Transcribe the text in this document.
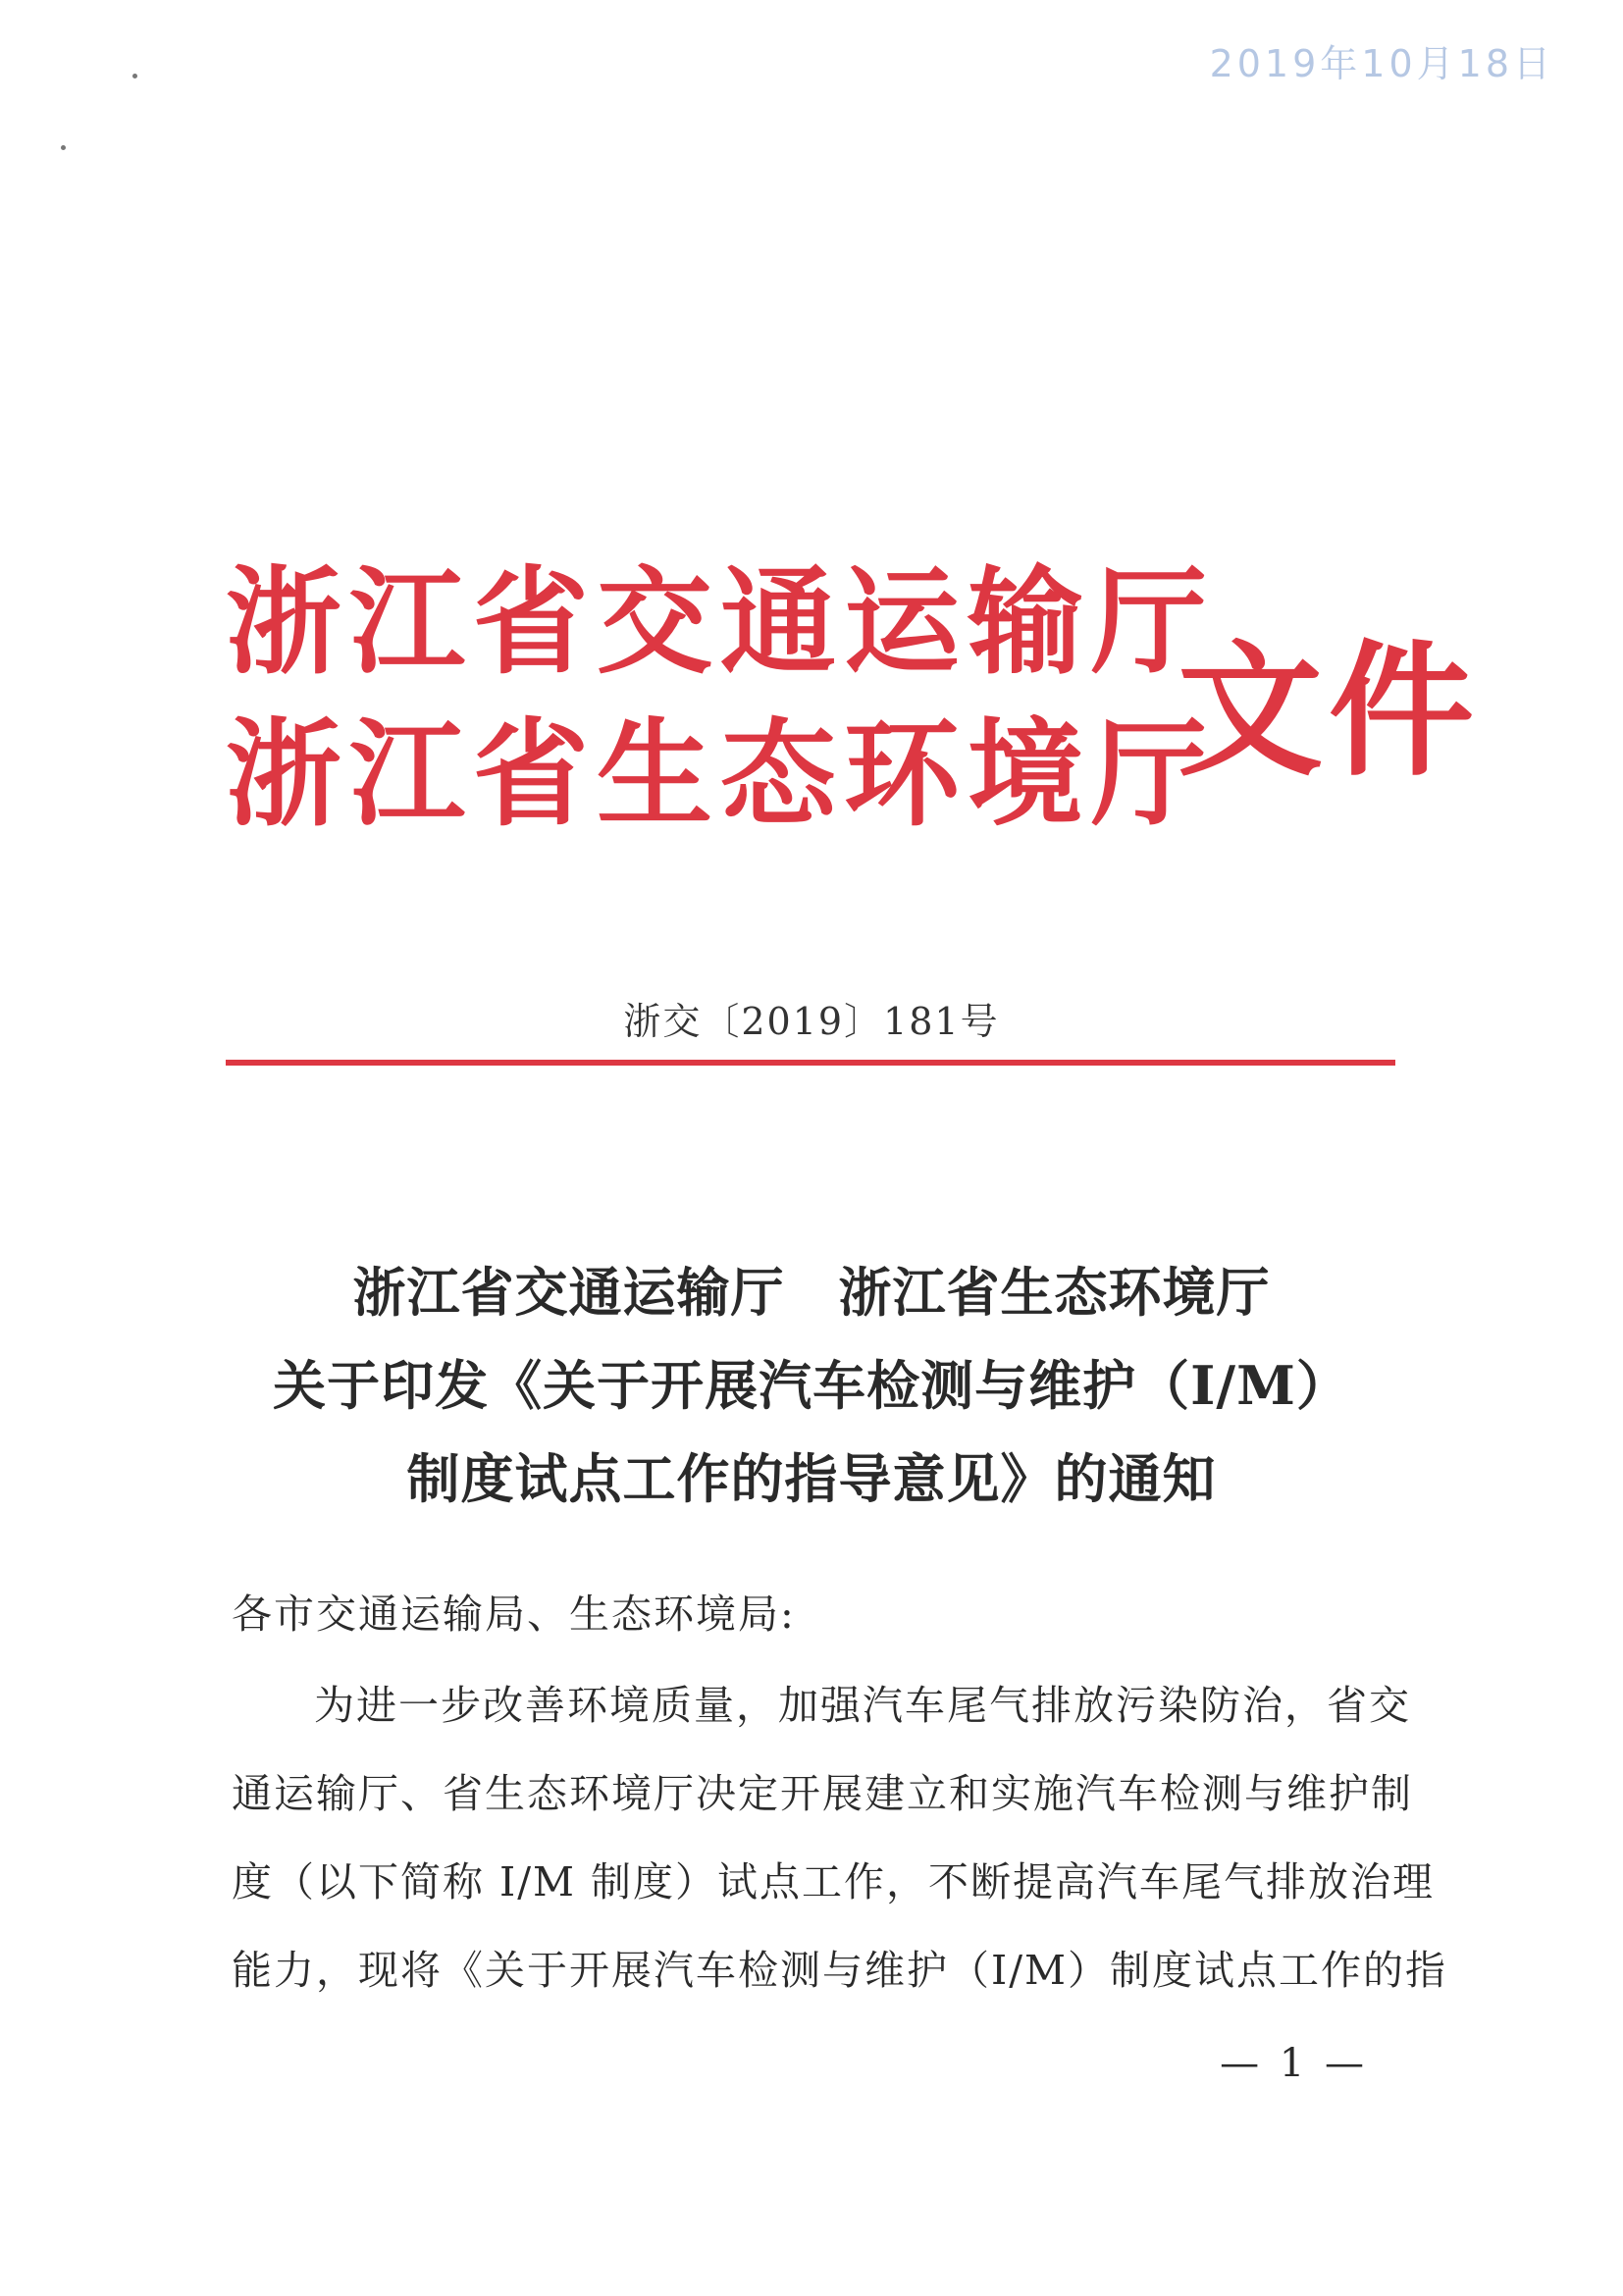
2019年10月18日
浙江省交通运输厅
浙江省生态环境厅
文件
浙交〔2019〕181号
浙江省交通运输厅　浙江省生态环境厅
关于印发《关于开展汽车检测与维护（I/M）
制度试点工作的指导意见》的通知
各市交通运输局、生态环境局:
为进一步改善环境质量，加强汽车尾气排放污染防治，省交
通运输厅、省生态环境厅决定开展建立和实施汽车检测与维护制
度（以下简称 I/M 制度）试点工作，不断提高汽车尾气排放治理
能力，现将《关于开展汽车检测与维护（I/M）制度试点工作的指
— 1 —
